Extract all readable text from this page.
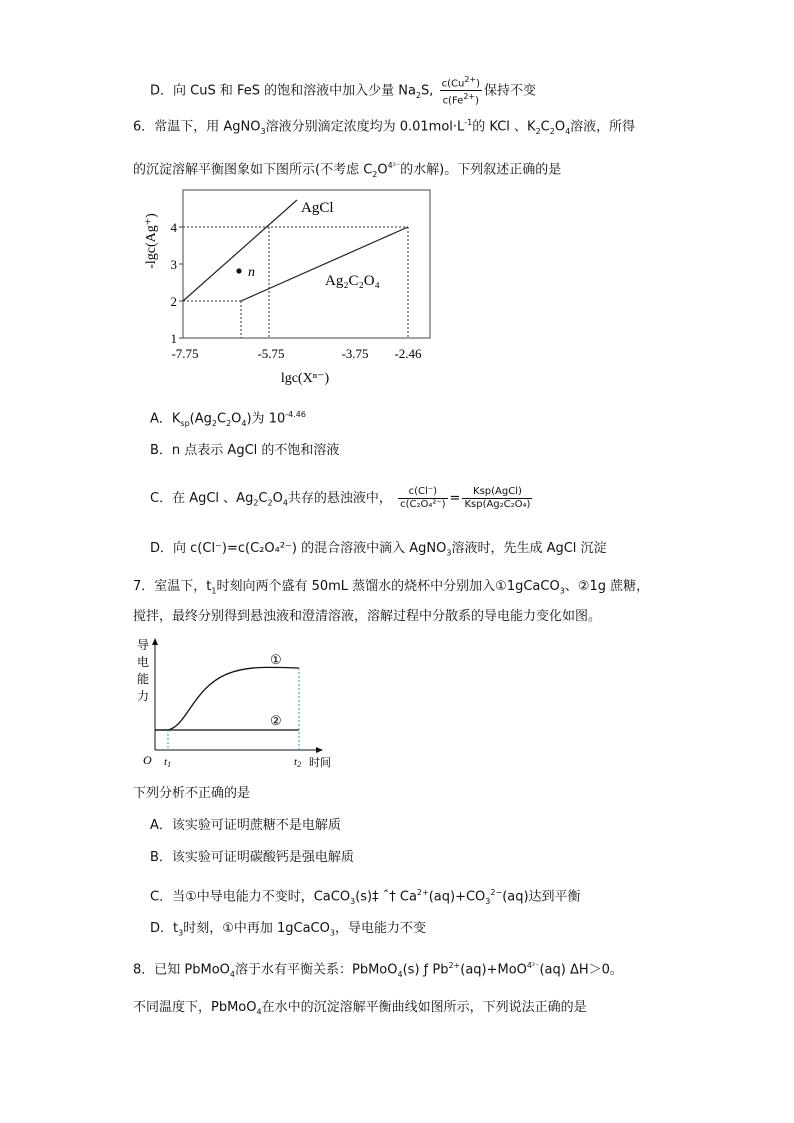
D．向 CuS 和 FeS 的饱和溶液中加入少量 $Na_2S$, $\frac{c(Cu^{2+})}{c(Fe^{2+})}$ 保持不变
6．常温下，用 AgNO$_3$溶液分别滴定浓度均为 $0.01mol\cdot L^{-1}$的 KCl 、$K_2C_2O_4$溶液，所得
的沉淀溶解平衡图象如下图所示(不考虑 $C_2O^{4^{2-}}$的水解)。下列叙述正确的是
n
AgCl
Ag₂C₂O₄
1
2
3
4
-7.75	-5.75	-3.75 -2.46
lgc(Xⁿ⁻)
-lgc(Ag⁺)
A．$K_{sp}(Ag_2C_2O_4)$为 $10^{-4.46}$
B．n 点表示 AgCl 的不饱和溶液
C．在 AgCl 、$Ag_2C_2O_4$共存的悬浊液中， $\frac{c(Cl^-)}{\text{c(C₂O₄²⁻)}} = \frac{\text{Ksp(AgCl)}}{\text{Ksp(Ag₂C₂O₄)}}$
D．向 c(Cl⁻)=c(C₂O₄²⁻) 的混合溶液中滴入 AgNO$_3$溶液时，先生成 AgCl 沉淀
7．室温下，$t_1$时刻向两个盛有 50mL 蒸馏水的烧杯中分别加入①1gCaCO$_3$、②1g 蔗糖，
搅拌，最终分别得到悬浊液和澄清溶液，溶解过程中分散系的导电能力变化如图。
导
电
能
力
①
②
O t1	t2 时间
下列分析不正确的是
A．该实验可证明蔗糖不是电解质
B．该实验可证明碳酸钙是强电解质
C．当①中导电能力不变时，CaCO$_3$(s)‡ ˆ† $Ca^{2+}(aq)+CO_3^{2-}(aq)$达到平衡
D．$t_3$时刻，①中再加 1gCaCO$_3$，导电能力不变
8．已知 PbMoO$_4$溶于水有平衡关系：PbMoO$_4$(s) ƒ $Pb^{2+}(aq)+MoO^{4^{2-}}(aq)$ ΔH＞0。
不同温度下，PbMoO$_4$在水中的沉淀溶解平衡曲线如图所示，下列说法正确的是
